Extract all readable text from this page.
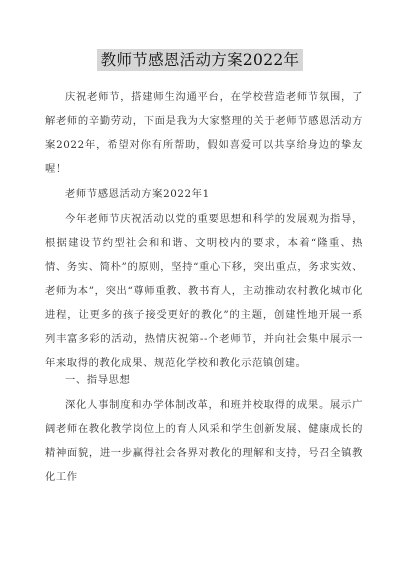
教师节感恩活动方案2022年

庆祝老师节，搭建师生沟通平台，在学校营造老师节氛围，了解老师的辛勤劳动，下面是我为大家整理的关于老师节感恩活动方案2022年，希望对你有所帮助，假如喜爱可以共享给身边的挚友喔！

老师节感恩活动方案2022年1

今年老师节庆祝活动以党的重要思想和科学的发展观为指导，根据建设节约型社会和和谐、文明校内的要求，本着“隆重、热情、务实、简朴”的原则，坚持“重心下移，突出重点，务求实效、老师为本”，突出“尊师重教、教书育人，主动推动农村教化城市化进程，让更多的孩子接受更好的教化”的主题，创建性地开展一系列丰富多彩的活动，热情庆祝第--个老师节，并向社会集中展示一年来取得的教化成果、规范化学校和教化示范镇创建。

一、指导思想

深化人事制度和办学体制改革，和班并校取得的成果。展示广阔老师在教化教学岗位上的育人风采和学生创新发展、健康成长的精神面貌，进一步赢得社会各界对教化的理解和支持，号召全镇教化工作
